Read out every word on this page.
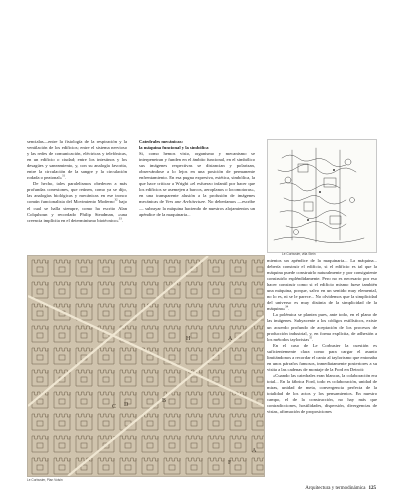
sencialas—entre la fisiología de la respiración y la ventilación de los edificios; entre el sistema nervioso y las redes de comunicación, eléctricas y telefónicas, en un edificio o ciudad; entre los intestinos y los desagües y saneamiento, y, con su analogía favorita, entre la circulación de la sangre y la circulación rodada o peatonal»$^{31}$.

De hecho, tales paralelismos obedecen a más profundas conexiones, que reúnen, como ya se dijo, las analogías biológicas y mecánicas en ese tronco común funcionalista del Movimiento Moderno$^{32}$ bajo el cual se halla siempre, como ha escrito Alan Colquhoun y recordado Philip Steadman, «una creencia implícita en el determinismo biotécnico»$^{33}$.

Catedrales mecánicas:

la máquina funcional y la simbólica

Si, como hemos visto, organismo y mecanismo se interpenetran y funden en el ámbito funcional, en el simbólico sus imágenes respectivas se distancian y polarizan, observándose a lo lejos en una posición de permanente enfrentamiento. En esa pugna expresiva, estética, simbólica, la que hace criticar a Wright «el esfuerzo infantil por hacer que los edificios se asemejen a barcos, aeroplanos o locomotoras», en una transparente alusión a la profusión de imágenes mecánicas de Vers une Architecture. No deberíamos —escribe— subrayar la máquina haciendo de nuestros alojamientos un apéndice de la maquinaria...

mientos un apéndice de la maquinaria... La máquina... debería construir el edificio, si el edificio es tal que la máquina puede construirlo naturalmente y por consiguiente construirlo espléndidamente. Pero no es necesario por eso hacer construir como si el edificio mismo fuese también una máquina, porque, salvo en un sentido muy elemental, no lo es, ni se le parece... No olvidemos que la simplicidad del universo es muy distinta de la simplicidad de la máquina»$^{34}$.

La polémica se plantea pues, ante todo, en el plano de las imágenes. Subyacente a los códigos estilísticos, existe un acuerdo profundo de aceptación de los procesos de producción industrial, y, en forma explícita, de adhesión a los métodos tayloristas$^{35}$.

En el caso de Le Corbusier la cuestión es suficientemente clara como para cargar el asunto limitándonos a recordar el canto al taylorismo que entonaba en unos párrafos famosos, inmediatamente posteriores a su visita a las cadenas de montaje de la Ford en Detroit:

«Cuando las catedrales eran blancas, la colaboración era total... En la fábrica Ford, todo es colaboración, unidad de miras, unidad de meta, convergencia perfecta de la totalidad de los actos y los pensamientos. En nuestro campo, el de la construcción, no hay más que contradicciones, hostilidades, dispersión, divergencias de vistas, afirmación de proposiciones

Le Corbusier, villa Stein
H	A
B
C D
A
F
Le Corbusier, Plan Voisin
Arquitectura y termodinámica 125
